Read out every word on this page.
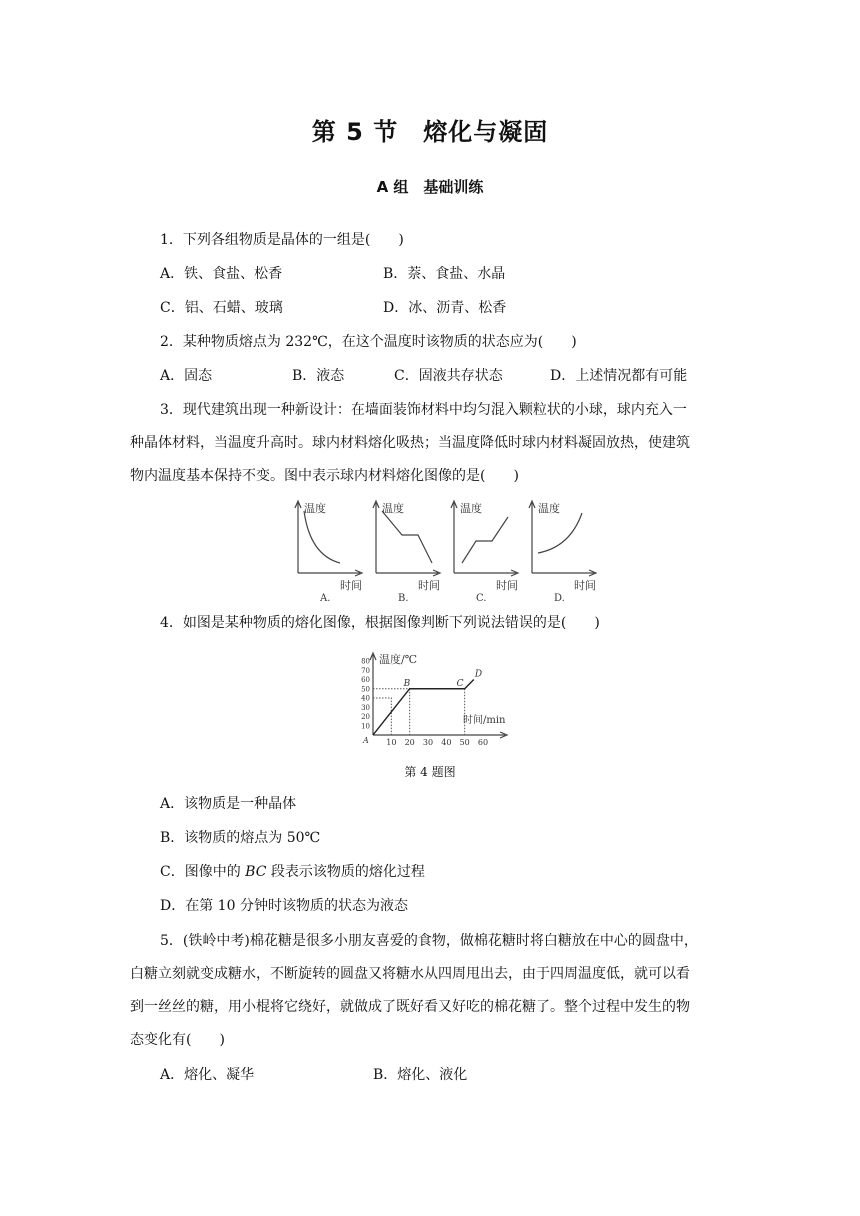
第 5 节　熔化与凝固
A 组　基础训练
1．下列各组物质是晶体的一组是(　　)
A．铁、食盐、松香	B．萘、食盐、水晶
C．铝、石蜡、玻璃	D．冰、沥青、松香
2．某种物质熔点为 232℃，在这个温度时该物质的状态应为(　　)
A．固态	B．液态	C．固液共存状态	D．上述情况都有可能
3．现代建筑出现一种新设计：在墙面装饰材料中均匀混入颗粒状的小球，球内充入一
种晶体材料，当温度升高时。球内材料熔化吸热；当温度降低时球内材料凝固放热，使建筑
物内温度基本保持不变。图中表示球内材料熔化图像的是(　　)
温度
时间
A.
温度
时间
B.
温度
时间
C.
温度
时间
D.
4．如图是某种物质的熔化图像，根据图像判断下列说法错误的是(　　)
10
20
30
40
50
60
70
80
10 20 30 40 50 60
B	C
D
温度/℃
时间/min
A
第 4 题图
A．该物质是一种晶体
B．该物质的熔点为 50℃
C．图像中的 BC 段表示该物质的熔化过程
D．在第 10 分钟时该物质的状态为液态
5．(铁岭中考)棉花糖是很多小朋友喜爱的食物，做棉花糖时将白糖放在中心的圆盘中，
白糖立刻就变成糖水，不断旋转的圆盘又将糖水从四周甩出去，由于四周温度低，就可以看
到一丝丝的糖，用小棍将它绕好，就做成了既好看又好吃的棉花糖了。整个过程中发生的物
态变化有(　　)
A．熔化、凝华	B．熔化、液化
